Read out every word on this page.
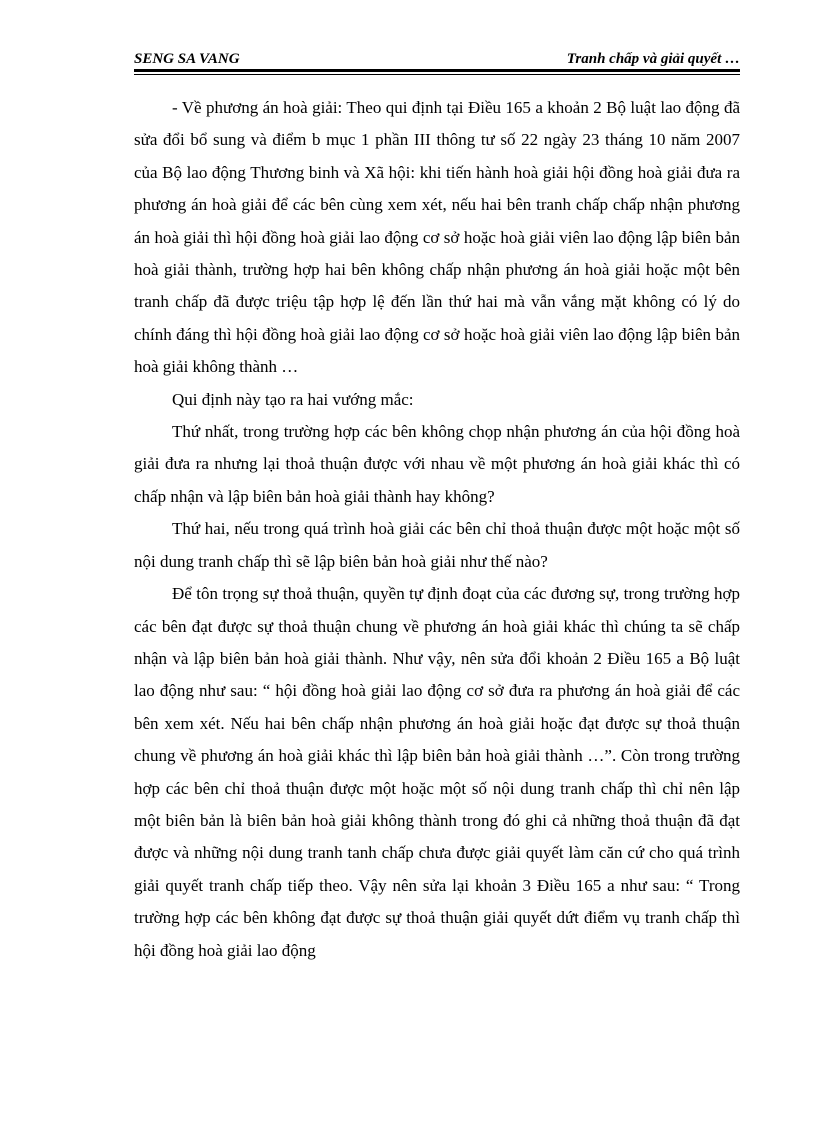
SENG SA VANG	Tranh chấp và giải quyết …

- Về phương án hoà giải: Theo qui định tại Điều 165 a khoản 2 Bộ luật lao động đã sửa đổi bổ sung và điểm b mục 1 phần III thông tư số 22 ngày 23 tháng 10 năm 2007 của Bộ lao động Thương binh và Xã hội: khi tiến hành hoà giải hội đồng hoà giải đưa ra phương án hoà giải để các bên cùng xem xét, nếu hai bên tranh chấp chấp nhận phương án hoà giải thì hội đồng hoà giải lao động cơ sở hoặc hoà giải viên lao động lập biên bản hoà giải thành, trường hợp hai bên không chấp nhận phương án hoà giải hoặc một bên tranh chấp đã được triệu tập hợp lệ đến lần thứ hai mà vẫn vắng mặt không có lý do chính đáng thì hội đồng hoà giải lao động cơ sở hoặc hoà giải viên lao động lập biên bản hoà giải không thành …

Qui định này tạo ra hai vướng mắc:

Thứ nhất, trong trường hợp các bên không chọp nhận phương án của hội đồng hoà giải đưa ra nhưng lại thoả thuận được với nhau về một phương án hoà giải khác thì có chấp nhận và lập biên bản hoà giải thành hay không?

Thứ hai, nếu trong quá trình hoà giải các bên chỉ thoả thuận được một hoặc một số nội dung tranh chấp thì sẽ lập biên bản hoà giải như thế nào?

Để tôn trọng sự thoả thuận, quyền tự định đoạt của các đương sự, trong trường hợp các bên đạt được sự thoả thuận chung về phương án hoà giải khác thì chúng ta sẽ chấp nhận và lập biên bản hoà giải thành. Như vậy, nên sửa đổi khoản 2 Điều 165 a Bộ luật lao động như sau: “ hội đồng hoà giải lao động cơ sở đưa ra phương án hoà giải để các bên xem xét. Nếu hai bên chấp nhận phương án hoà giải hoặc đạt được sự thoả thuận chung về phương án hoà giải khác thì lập biên bản hoà giải thành …”. Còn trong trường hợp các bên chỉ thoả thuận được một hoặc một số nội dung tranh chấp thì chỉ nên lập một biên bản là biên bản hoà giải không thành trong đó ghi cả những thoả thuận đã đạt được và những nội dung tranh tanh chấp chưa được giải quyết làm căn cứ cho quá trình giải quyết tranh chấp tiếp theo. Vậy nên sửa lại khoản 3 Điều 165 a như sau: “ Trong trường hợp các bên không đạt được sự thoả thuận giải quyết dứt điểm vụ tranh chấp thì hội đồng hoà giải lao động
